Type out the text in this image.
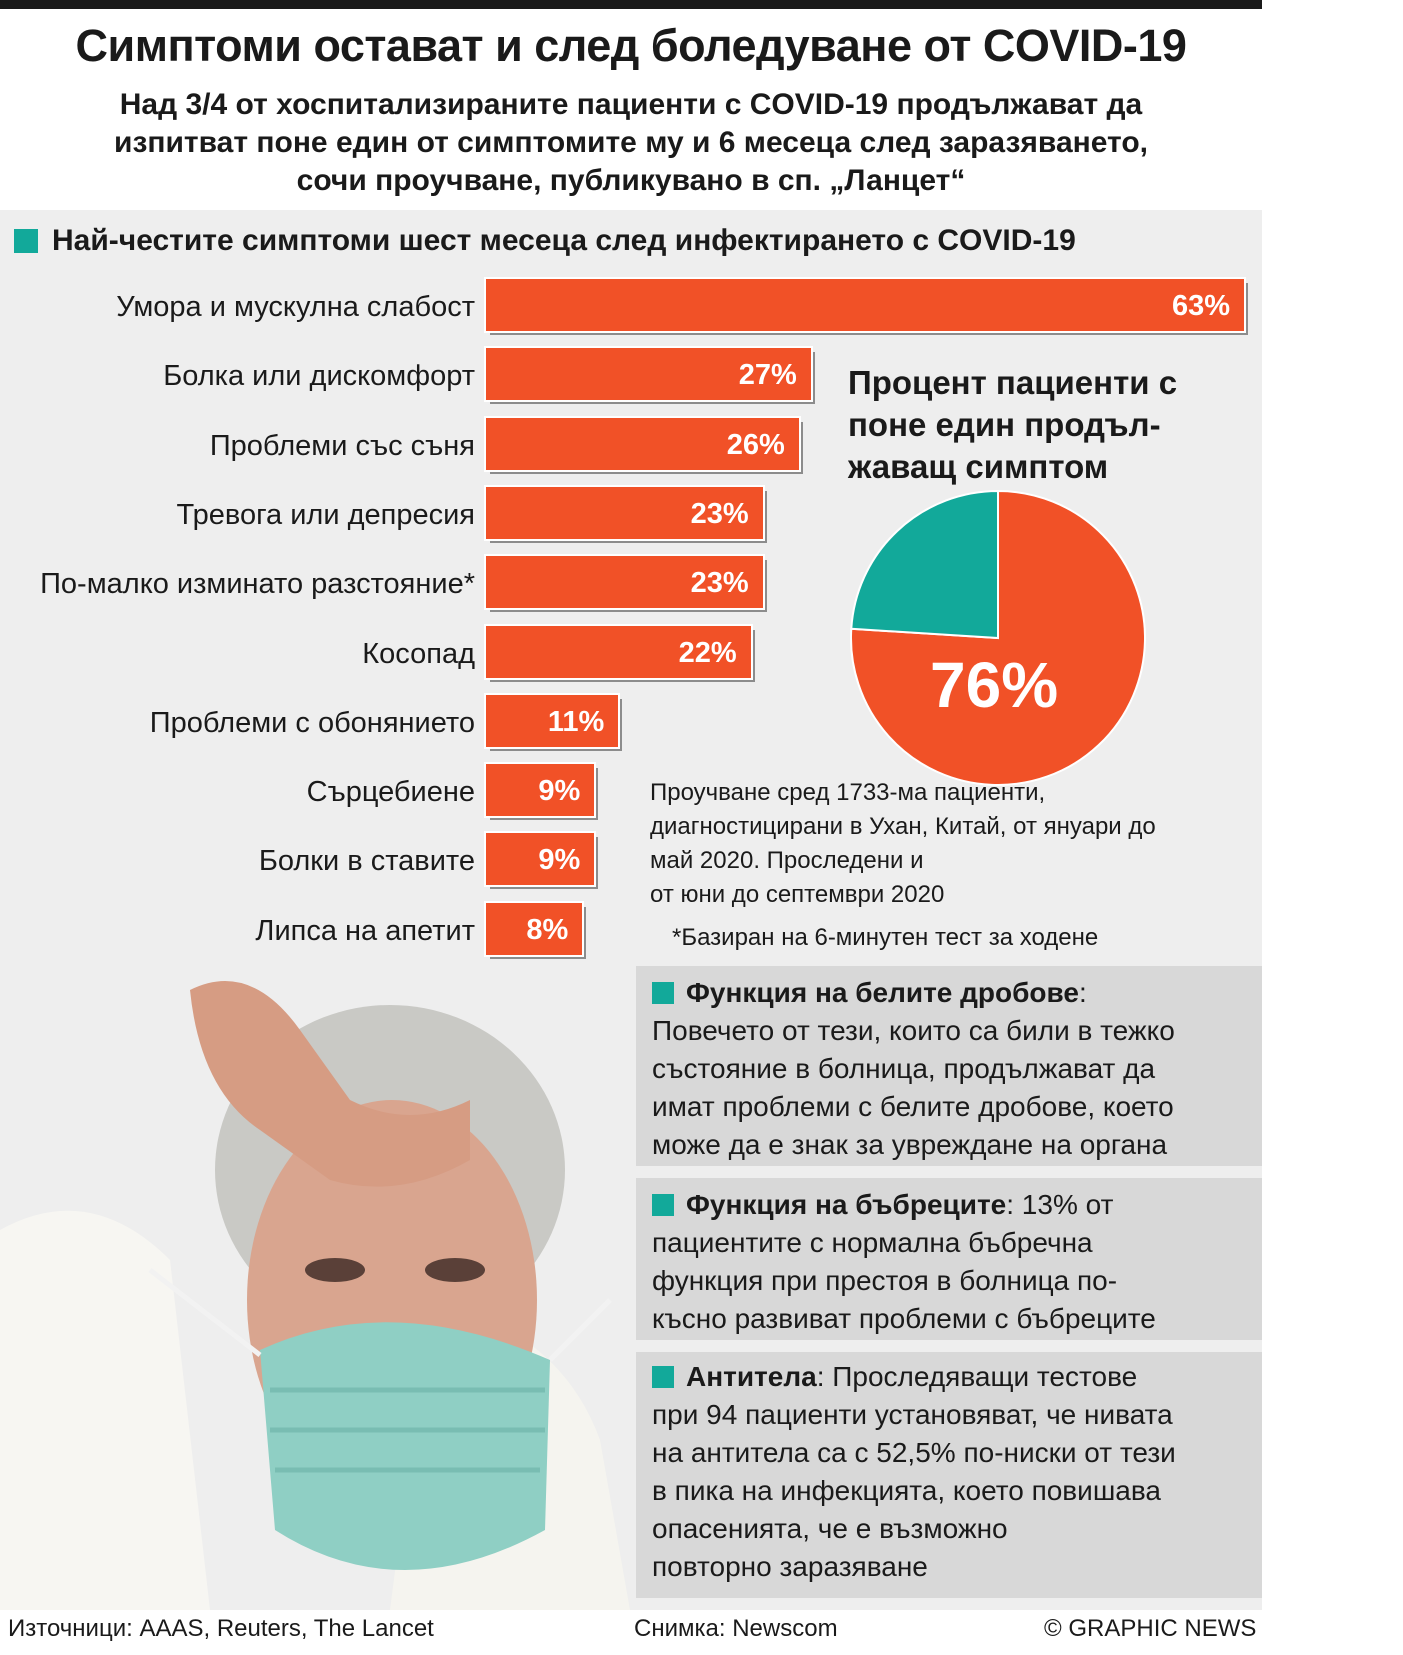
Симптоми остават и след боледуване от COVID-19
Над 3/4 от хоспитализираните пациенти с COVID-19 продължават да
изпитват поне един от симптомите му и 6 месеца след заразяването,
сочи проучване, публикувано в сп. „Ланцет“
Най-честите симптоми шест месеца след инфектирането с COVID-19
Умора и мускулна слабост	63%
Болка или дискомфорт	27%
Проблеми със съня	26%
Тревога или депресия	23%
По-малко изминато разстояние*	23%
Косопад	22%
Проблеми с обонянието	11%
Сърцебиене 9%
Болки в ставите 9%
Липса на апетит 8%
Процент пациенти с
поне един продъл-
жаващ симптом
76%
Проучване сред 1733-ма пациенти,
диагностицирани в Ухан, Китай, от януари до
май 2020. Проследени и
от юни до септември 2020
*Базиран на 6-минутен тест за ходене
Функция на белите дробове :
Повечето от тези, които са били в тежко
състояние в болница, продължават да
имат проблеми с белите дробове, което
може да е знак за увреждане на органа
Функция на бъбреците : 13% от
пациентите с нормална бъбречна
функция при престоя в болница по-
късно развиват проблеми с бъбреците
Антитела : Проследяващи тестове
при 94 пациенти установяват, че нивата
на антитела са с 52,5% по-ниски от тези
в пика на инфекцията, което повишава
опасенията, че е възможно
повторно заразяване
Източници: AAAS, Reuters, The Lancet	Снимка: Newscom	© GRAPHIC NEWS
